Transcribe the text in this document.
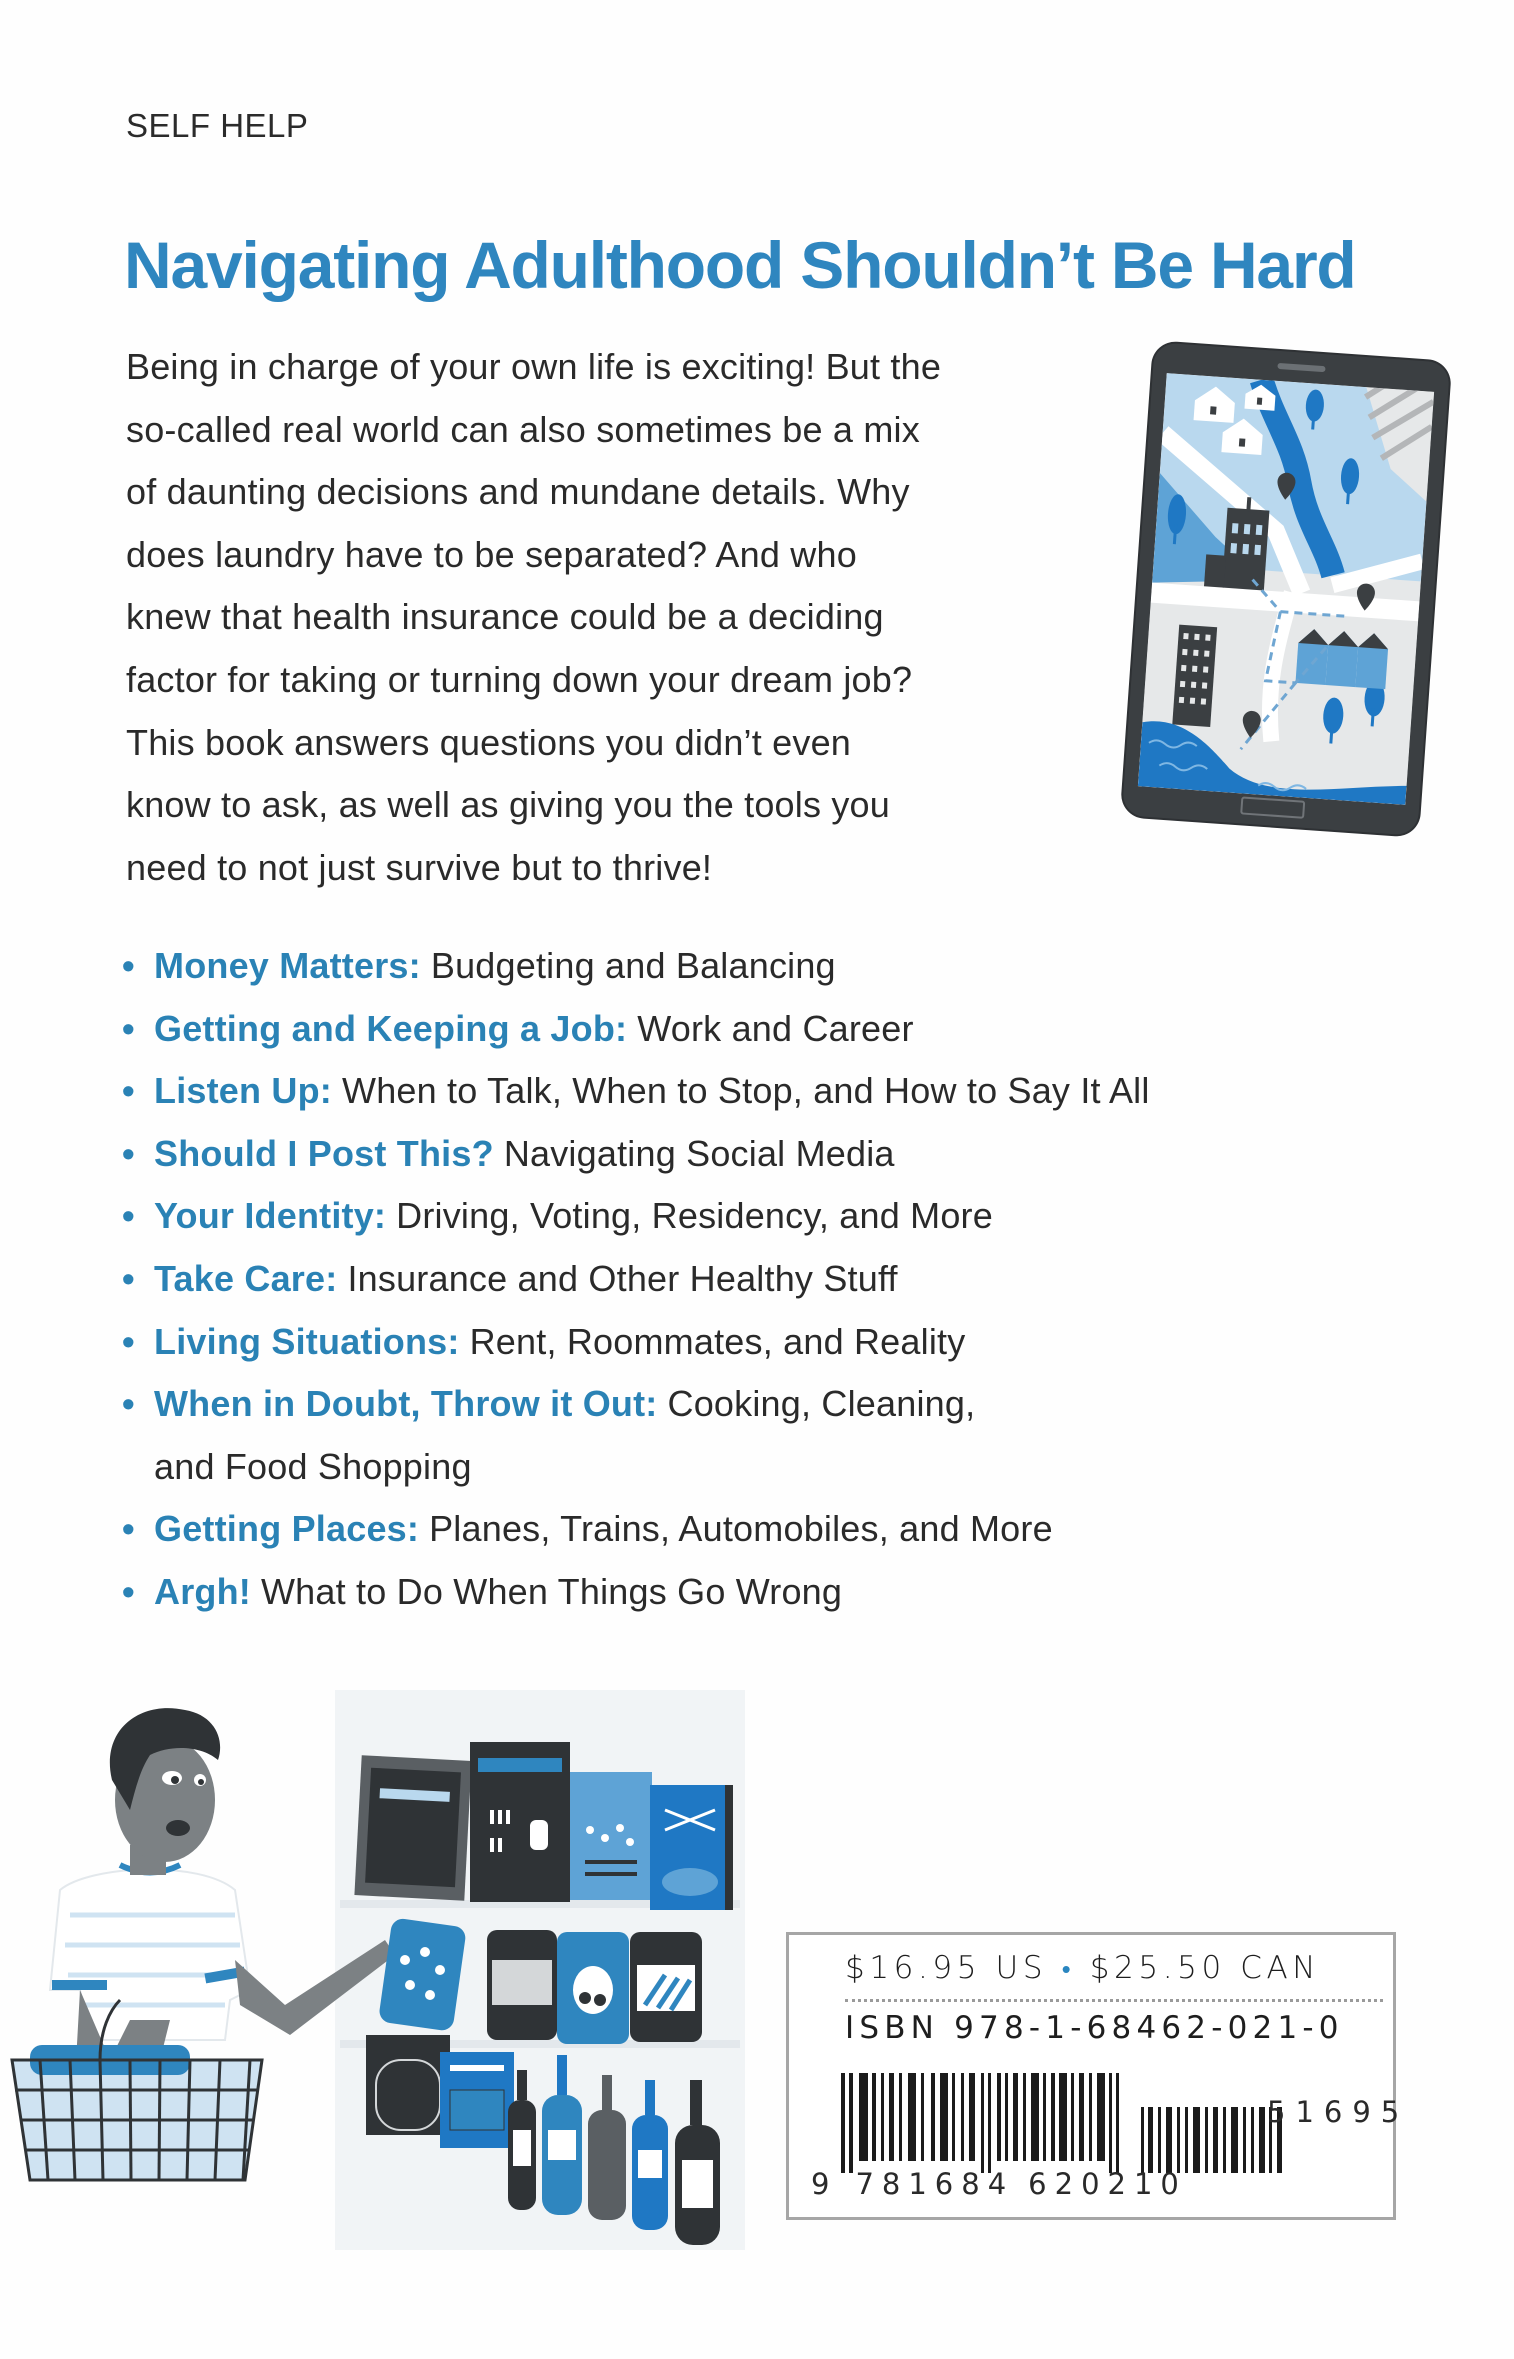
SELF HELP
Navigating Adulthood Shouldn’t Be Hard
Being in charge of your own life is exciting! But the
so-called real world can also sometimes be a mix
of daunting decisions and mundane details. Why
does laundry have to be separated? And who
knew that health insurance could be a deciding
factor for taking or turning down your dream job?
This book answers questions you didn’t even
know to ask, as well as giving you the tools you
need to not just survive but to thrive!
• Money Matters: Budgeting and Balancing
• Getting and Keeping a Job: Work and Career
• Listen Up: When to Talk, When to Stop, and How to Say It All
• Should I Post This? Navigating Social Media
• Your Identity: Driving, Voting, Residency, and More
• Take Care: Insurance and Other Healthy Stuff
• Living Situations: Rent, Roommates, and Reality
• When in Doubt, Throw it Out: Cooking, Cleaning,
and Food Shopping
• Getting Places: Planes, Trains, Automobiles, and More
• Argh! What to Do When Things Go Wrong
$16.95 US • $25.50 CAN
ISBN 978-1-68462-021-0
51695
9 781684 620210
